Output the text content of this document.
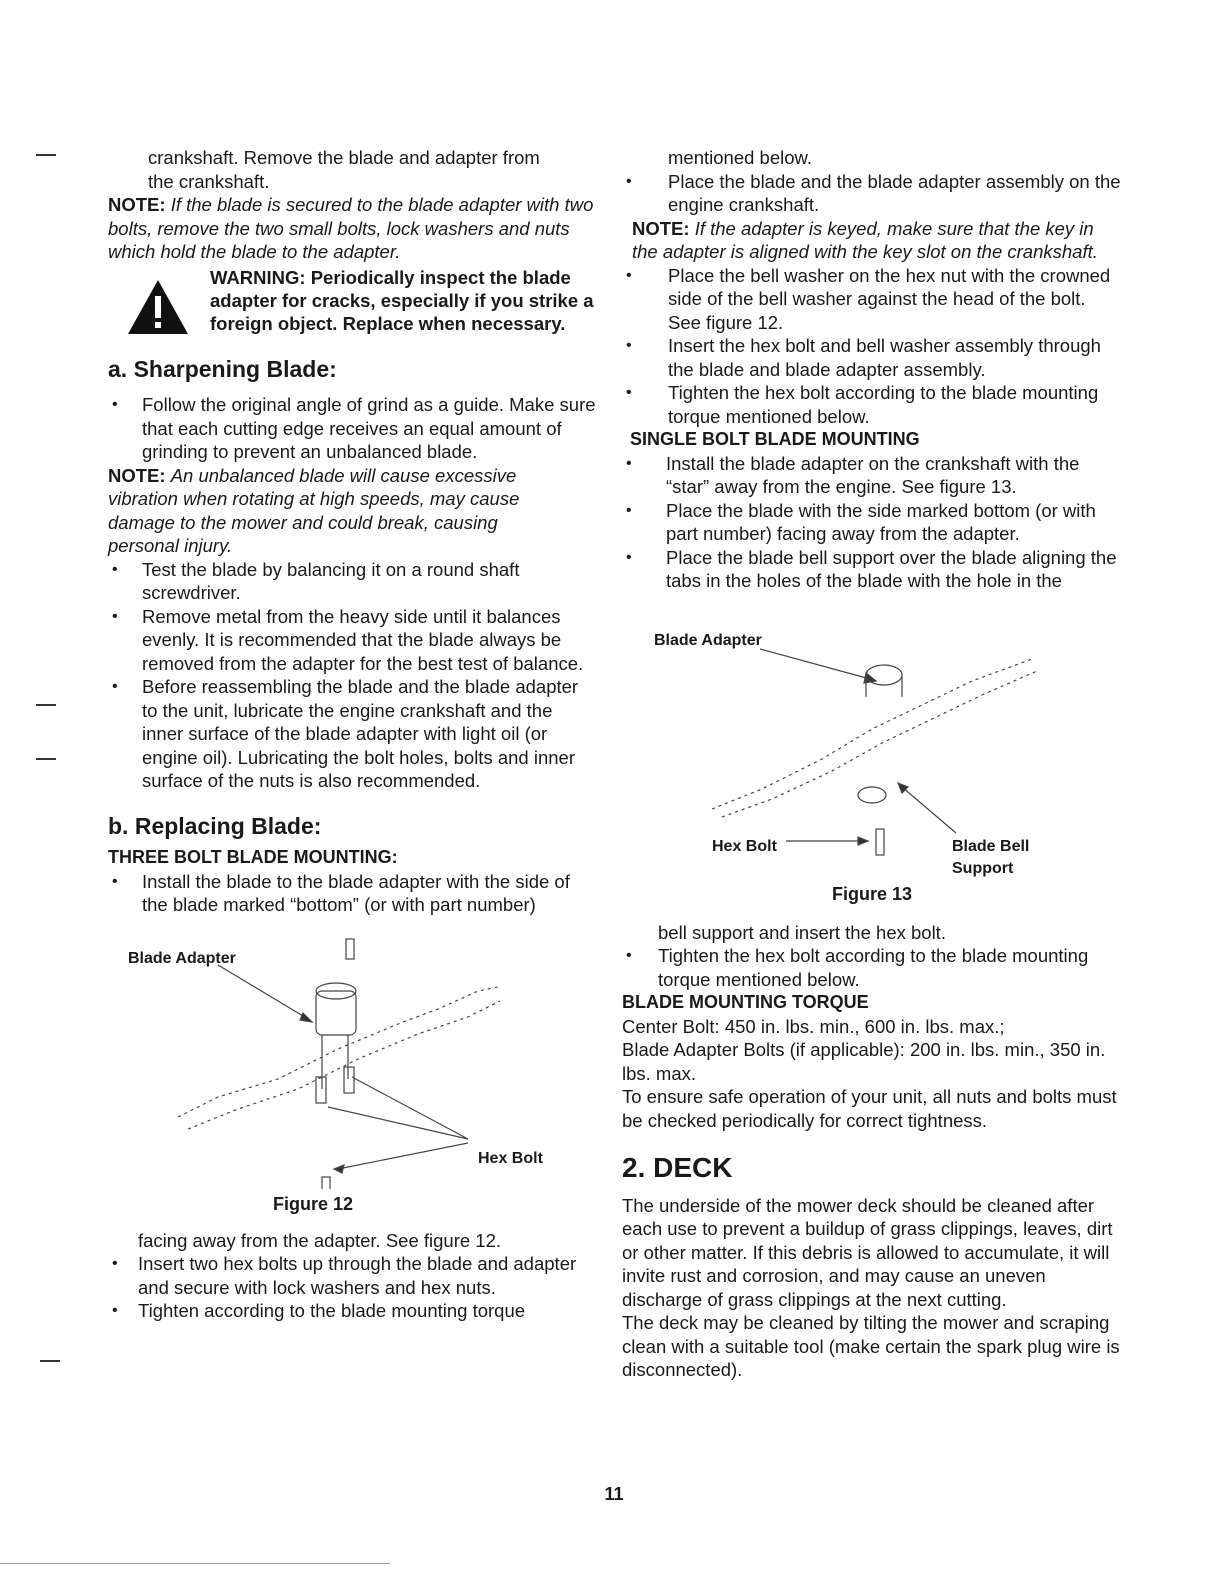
crankshaft. Remove the blade and adapter from

the crankshaft.

NOTE: If the blade is secured to the blade adapter with two bolts, remove the two small bolts, lock washers and nuts which hold the blade to the adapter.

WARNING: Periodically inspect the blade adapter for cracks, especially if you strike a foreign object. Replace when necessary.
a. Sharpening Blade:

• Follow the original angle of grind as a guide. Make sure that each cutting edge receives an equal amount of grinding to prevent an unbalanced blade.

NOTE: An unbalanced blade will cause excessive vibration when rotating at high speeds, may cause damage to the mower and could break, causing personal injury.

• Test the blade by balancing it on a round shaft screwdriver.

• Remove metal from the heavy side until it balances evenly. It is recommended that the blade always be removed from the adapter for the best test of balance.

• Before reassembling the blade and the blade adapter to the unit, lubricate the engine crankshaft and the inner surface of the blade adapter with light oil (or engine oil). Lubricating the bolt holes, bolts and inner surface of the nuts is also recommended.

b. Replacing Blade:

THREE BOLT BLADE MOUNTING:

• Install the blade to the blade adapter with the side of the blade marked “bottom” (or with part number)

Blade Adapter
Hex Bolt
Figure 12

facing away from the adapter. See figure 12.

• Insert two hex bolts up through the blade and adapter and secure with lock washers and hex nuts.

• Tighten according to the blade mounting torque

mentioned below.

• Place the blade and the blade adapter assembly on the engine crankshaft.

NOTE: If the adapter is keyed, make sure that the key in the adapter is aligned with the key slot on the crankshaft.

• Place the bell washer on the hex nut with the crowned side of the bell washer against the head of the bolt. See figure 12.

• Insert the hex bolt and bell washer assembly through the blade and blade adapter assembly.

• Tighten the hex bolt according to the blade mounting torque mentioned below.

SINGLE BOLT BLADE MOUNTING

• Install the blade adapter on the crankshaft with the “star” away from the engine. See figure 13.

• Place the blade with the side marked bottom (or with part number) facing away from the adapter.

• Place the blade bell support over the blade aligning the tabs in the holes of the blade with the hole in the

Blade Adapter
Hex Bolt	Blade Bell
Support
Figure 13

bell support and insert the hex bolt.

• Tighten the hex bolt according to the blade mounting torque mentioned below.

BLADE MOUNTING TORQUE

Center Bolt: 450 in. lbs. min., 600 in. lbs. max.;

Blade Adapter Bolts (if applicable): 200 in. lbs. min., 350 in. lbs. max.

To ensure safe operation of your unit, all nuts and bolts must be checked periodically for correct tightness.

2. DECK

The underside of the mower deck should be cleaned after each use to prevent a buildup of grass clippings, leaves, dirt or other matter. If this debris is allowed to accumulate, it will invite rust and corrosion, and may cause an uneven discharge of grass clippings at the next cutting.

The deck may be cleaned by tilting the mower and scraping clean with a suitable tool (make certain the spark plug wire is disconnected).

11
